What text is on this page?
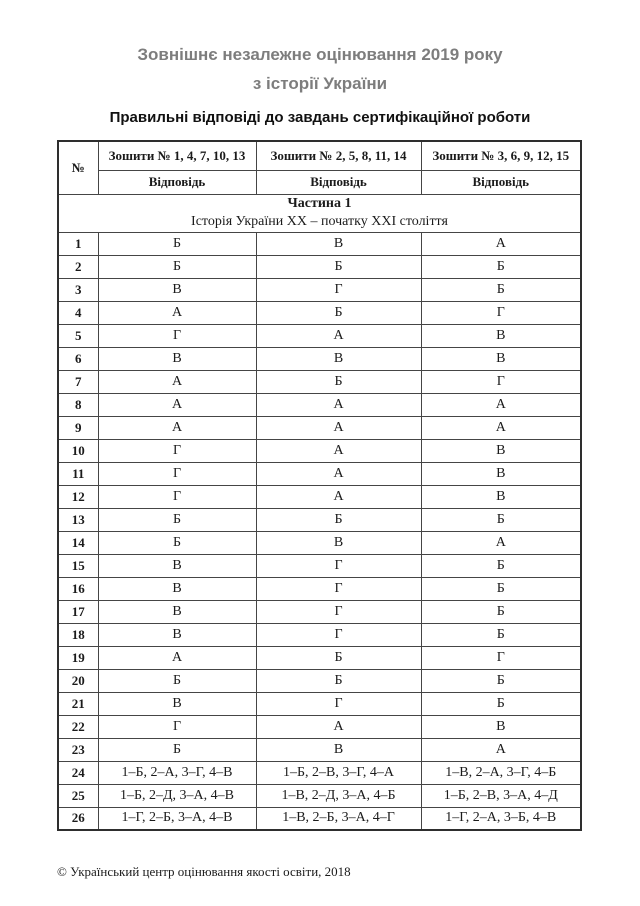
Зовнішнє незалежне оцінювання 2019 року
з історії України
Правильні відповіді до завдань сертифікаційної роботи
№	Зошити № 1, 4, 7, 10, 13	Зошити № 2, 5, 8, 11, 14	Зошити № 3, 6, 9, 12, 15
	Відповідь	Відповідь	Відповідь

Частина 1
Історія України ХХ – початку ХХІ століття			

1	Б	В	А
2	Б	Б	Б
3	В	Г	Б
4	А	Б	Г
5	Г	А	В
6	В	В	В
7	А	Б	Г
8	А	А	А
9	А	А	А
10	Г	А	В
11	Г	А	В
12	Г	А	В
13	Б	Б	Б
14	Б	В	А
15	В	Г	Б
16	В	Г	Б
17	В	Г	Б
18	В	Г	Б
19	А	Б	Г
20	Б	Б	Б
21	В	Г	Б
22	Г	А	В
23	Б	В	А
24	1–Б, 2–А, 3–Г, 4–В	1–Б, 2–В, 3–Г, 4–А	1–В, 2–А, 3–Г, 4–Б
25	1–Б, 2–Д, 3–А, 4–В	1–В, 2–Д, 3–А, 4–Б	1–Б, 2–В, 3–А, 4–Д
26	1–Г, 2–Б, 3–А, 4–В	1–В, 2–Б, 3–А, 4–Г	1–Г, 2–А, 3–Б, 4–В
© Український центр оцінювання якості освіти, 2018
